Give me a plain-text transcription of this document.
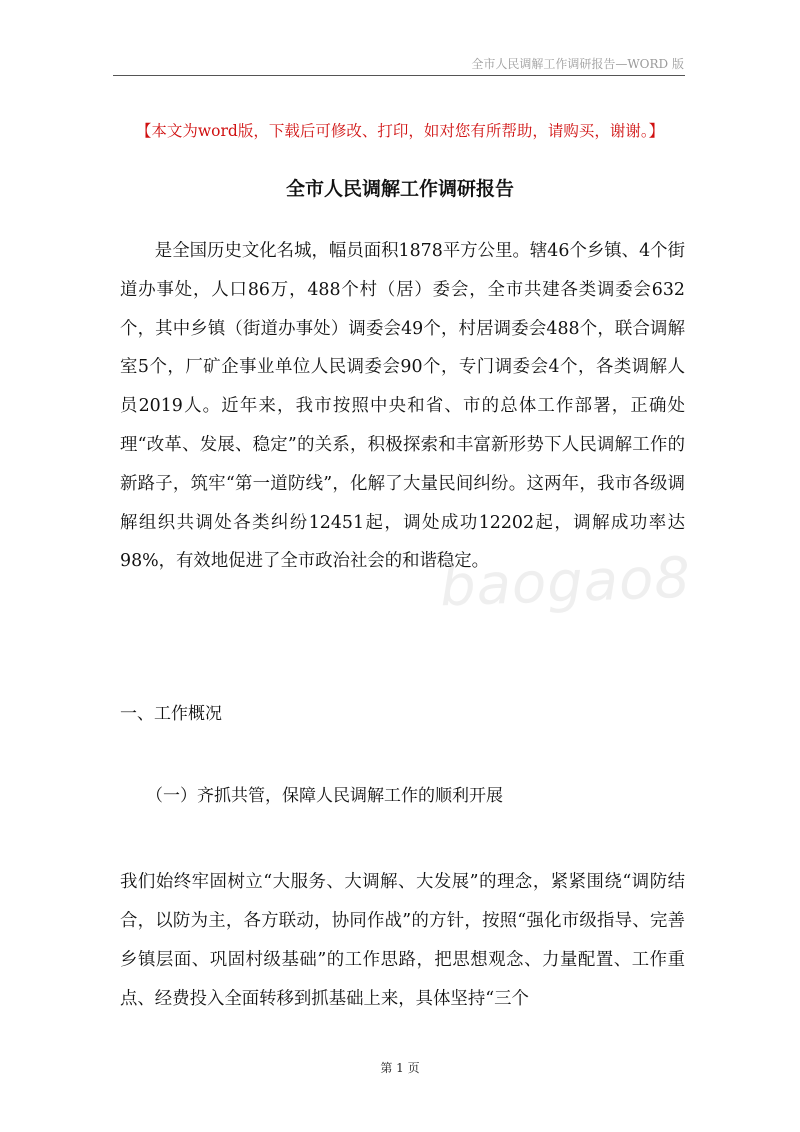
全市人民调解工作调研报告—WORD 版
【本文为word版，下载后可修改、打印，如对您有所帮助，请购买，谢谢。】
全市人民调解工作调研报告

是全国历史文化名城，幅员面积1878平方公里。辖46个乡镇、4个街道办事处，人口86万，488个村（居）委会，全市共建各类调委会632个，其中乡镇（街道办事处）调委会49个，村居调委会488个，联合调解室5个，厂矿企事业单位人民调委会90个，专门调委会4个，各类调解人员2019人。近年来，我市按照中央和省、市的总体工作部署，正确处理“改革、发展、稳定”的关系，积极探索和丰富新形势下人民调解工作的新路子，筑牢“第一道防线”，化解了大量民间纠纷。这两年，我市各级调解组织共调处各类纠纷12451起，调处成功12202起，调解成功率达98%，有效地促进了全市政治社会的和谐稳定。

baogao8
一、工作概况
（一）齐抓共管，保障人民调解工作的顺利开展

我们始终牢固树立“大服务、大调解、大发展”的理念，紧紧围绕“调防结合，以防为主，各方联动，协同作战”的方针，按照“强化市级指导、完善乡镇层面、巩固村级基础”的工作思路，把思想观念、力量配置、工作重点、经费投入全面转移到抓基础上来，具体坚持“三个

第 1 页
